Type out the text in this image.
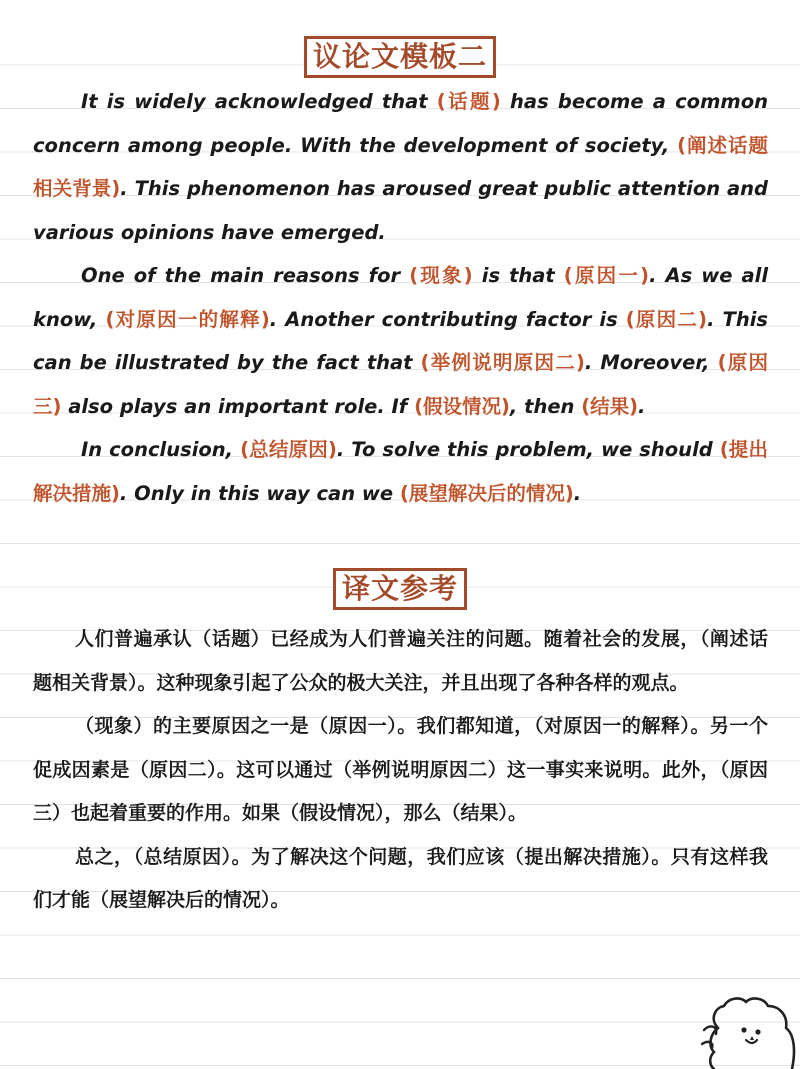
议论文模板二

It is widely acknowledged that (话题) has become a common concern among people. With the development of society, (阐述话题相关背景). This phenomenon has aroused great public attention and various opinions have emerged.

One of the main reasons for (现象) is that (原因一). As we all know, (对原因一的解释). Another contributing factor is (原因二). This can be illustrated by the fact that (举例说明原因二). Moreover, (原因三) also plays an important role. If (假设情况), then (结果).

In conclusion, (总结原因). To solve this problem, we should (提出解决措施). Only in this way can we (展望解决后的情况).

译文参考

人们普遍承认（话题）已经成为人们普遍关注的问题。随着社会的发展，（阐述话题相关背景）。这种现象引起了公众的极大关注，并且出现了各种各样的观点。

（现象）的主要原因之一是（原因一）。我们都知道，（对原因一的解释）。另一个促成因素是（原因二）。这可以通过（举例说明原因二）这一事实来说明。此外，（原因三）也起着重要的作用。如果（假设情况），那么（结果）。

总之，（总结原因）。为了解决这个问题，我们应该（提出解决措施）。只有这样我们才能（展望解决后的情况）。
